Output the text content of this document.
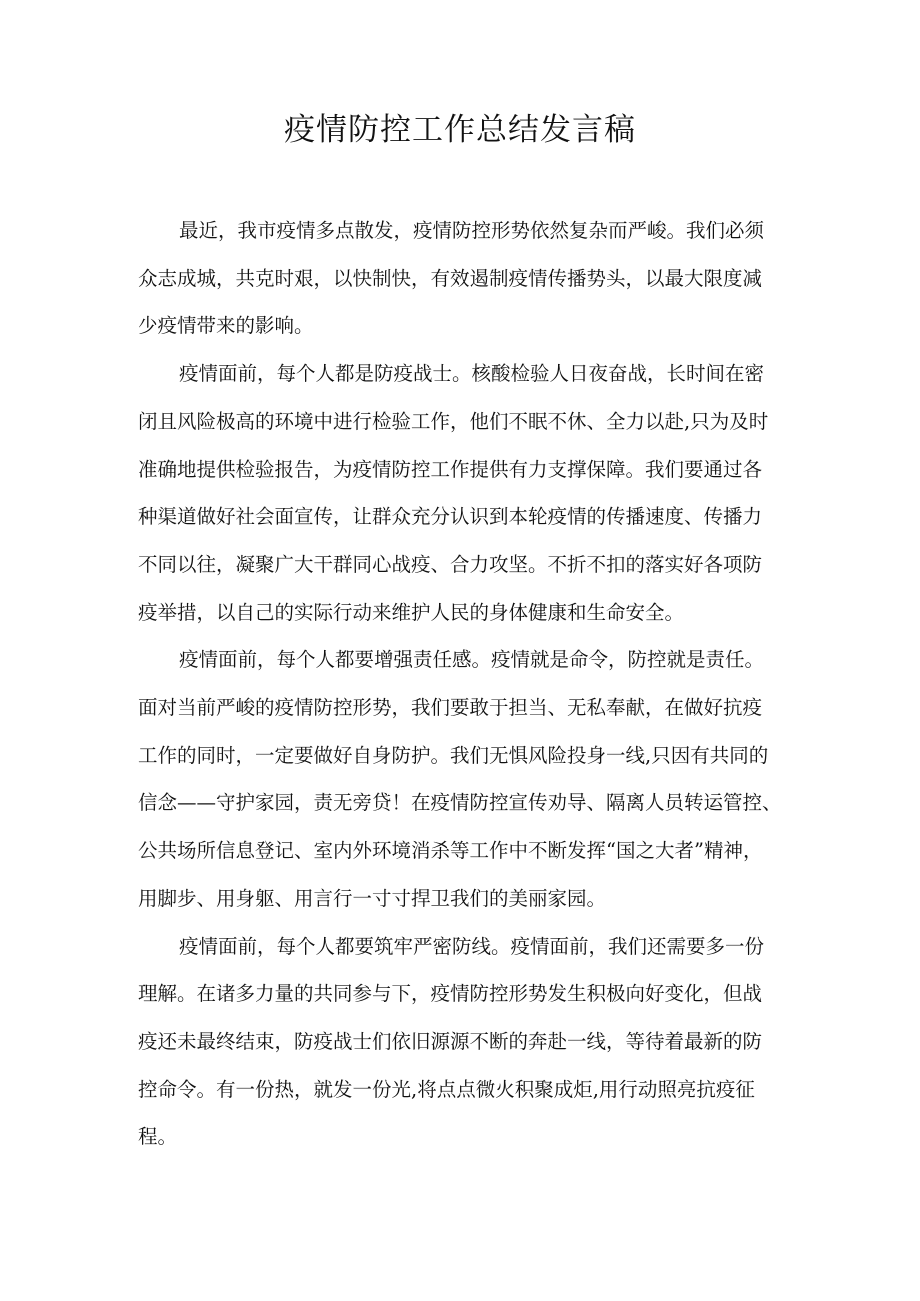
疫情防控工作总结发言稿

最近，我市疫情多点散发，疫情防控形势依然复杂而严峻。我们必须
众志成城，共克时艰，以快制快，有效遏制疫情传播势头，以最大限度减
少疫情带来的影响。

疫情面前，每个人都是防疫战士。核酸检验人日夜奋战，长时间在密
闭且风险极高的环境中进行检验工作，他们不眠不休、全力以赴,只为及时
准确地提供检验报告，为疫情防控工作提供有力支撑保障。我们要通过各
种渠道做好社会面宣传，让群众充分认识到本轮疫情的传播速度、传播力
不同以往，凝聚广大干群同心战疫、合力攻坚。不折不扣的落实好各项防
疫举措，以自己的实际行动来维护人民的身体健康和生命安全。

疫情面前，每个人都要增强责任感。疫情就是命令，防控就是责任。
面对当前严峻的疫情防控形势，我们要敢于担当、无私奉献，在做好抗疫
工作的同时，一定要做好自身防护。我们无惧风险投身一线,只因有共同的
信念——守护家园，责无旁贷！在疫情防控宣传劝导、隔离人员转运管控、
公共场所信息登记、室内外环境消杀等工作中不断发挥“国之大者”精神，
用脚步、用身躯、用言行一寸寸捍卫我们的美丽家园。

疫情面前，每个人都要筑牢严密防线。疫情面前，我们还需要多一份
理解。在诸多力量的共同参与下，疫情防控形势发生积极向好变化，但战
疫还未最终结束，防疫战士们依旧源源不断的奔赴一线，等待着最新的防
控命令。有一份热，就发一份光,将点点微火积聚成炬,用行动照亮抗疫征
程。
